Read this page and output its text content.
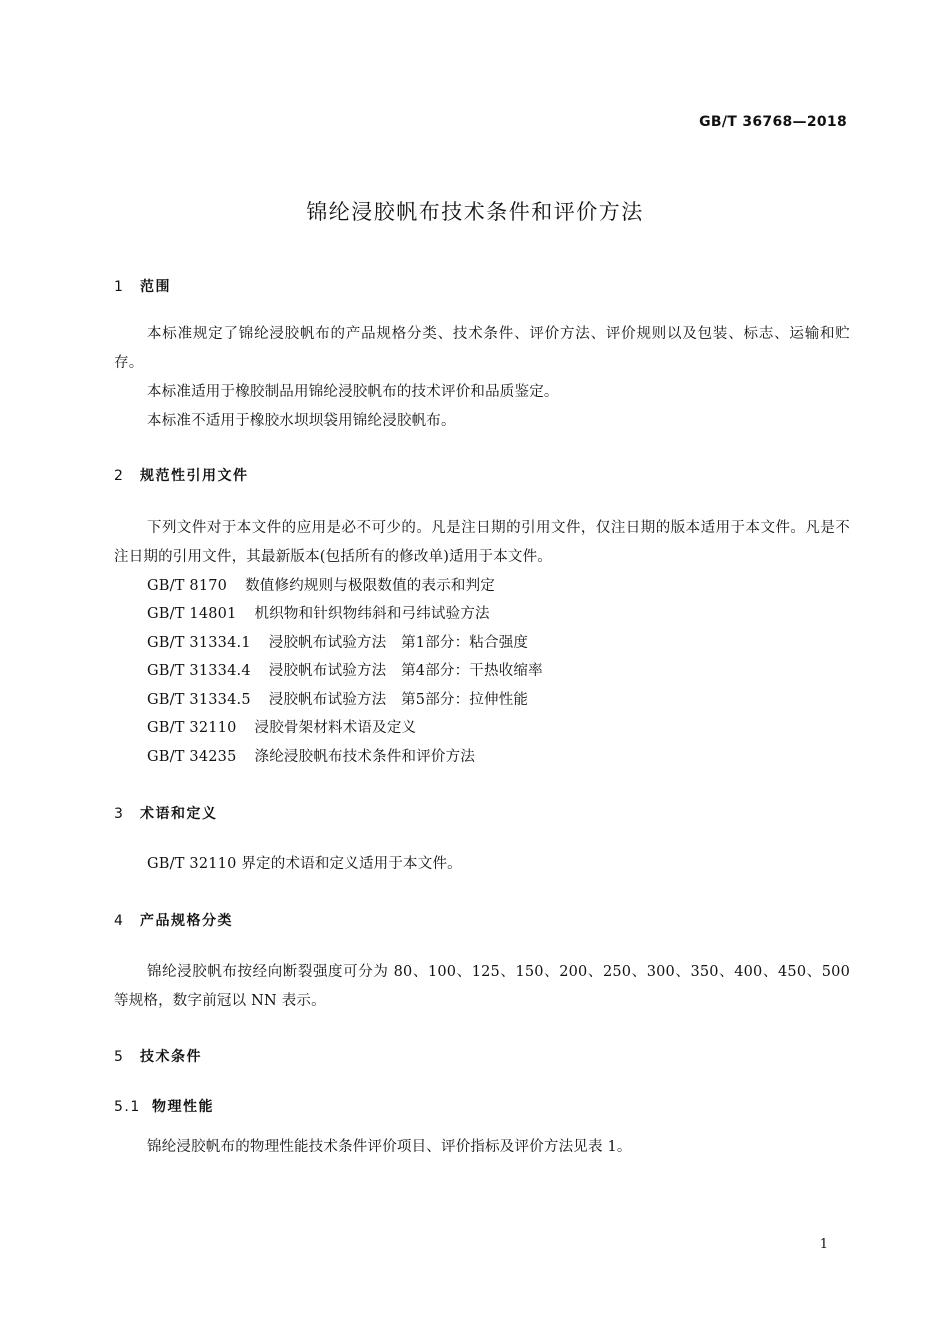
GB/T 36768—2018
锦纶浸胶帆布技术条件和评价方法
1 范围
本标准规定了锦纶浸胶帆布的产品规格分类、技术条件、评价方法、评价规则以及包装、标志、运输和贮存。
本标准适用于橡胶制品用锦纶浸胶帆布的技术评价和品质鉴定。
本标准不适用于橡胶水坝坝袋用锦纶浸胶帆布。
2 规范性引用文件
下列文件对于本文件的应用是必不可少的。凡是注日期的引用文件，仅注日期的版本适用于本文件。凡是不注日期的引用文件，其最新版本(包括所有的修改单)适用于本文件。
GB/T 8170 数值修约规则与极限数值的表示和判定
GB/T 14801 机织物和针织物纬斜和弓纬试验方法
GB/T 31334.1 浸胶帆布试验方法　第1部分：粘合强度
GB/T 31334.4 浸胶帆布试验方法　第4部分：干热收缩率
GB/T 31334.5 浸胶帆布试验方法　第5部分：拉伸性能
GB/T 32110 浸胶骨架材料术语及定义
GB/T 34235 涤纶浸胶帆布技术条件和评价方法
3 术语和定义
GB/T 32110 界定的术语和定义适用于本文件。
4 产品规格分类
锦纶浸胶帆布按经向断裂强度可分为 80、100、125、150、200、250、300、350、400、450、500 等规格，数字前冠以 NN 表示。
5 技术条件
5.1 物理性能
锦纶浸胶帆布的物理性能技术条件评价项目、评价指标及评价方法见表 1。
1
